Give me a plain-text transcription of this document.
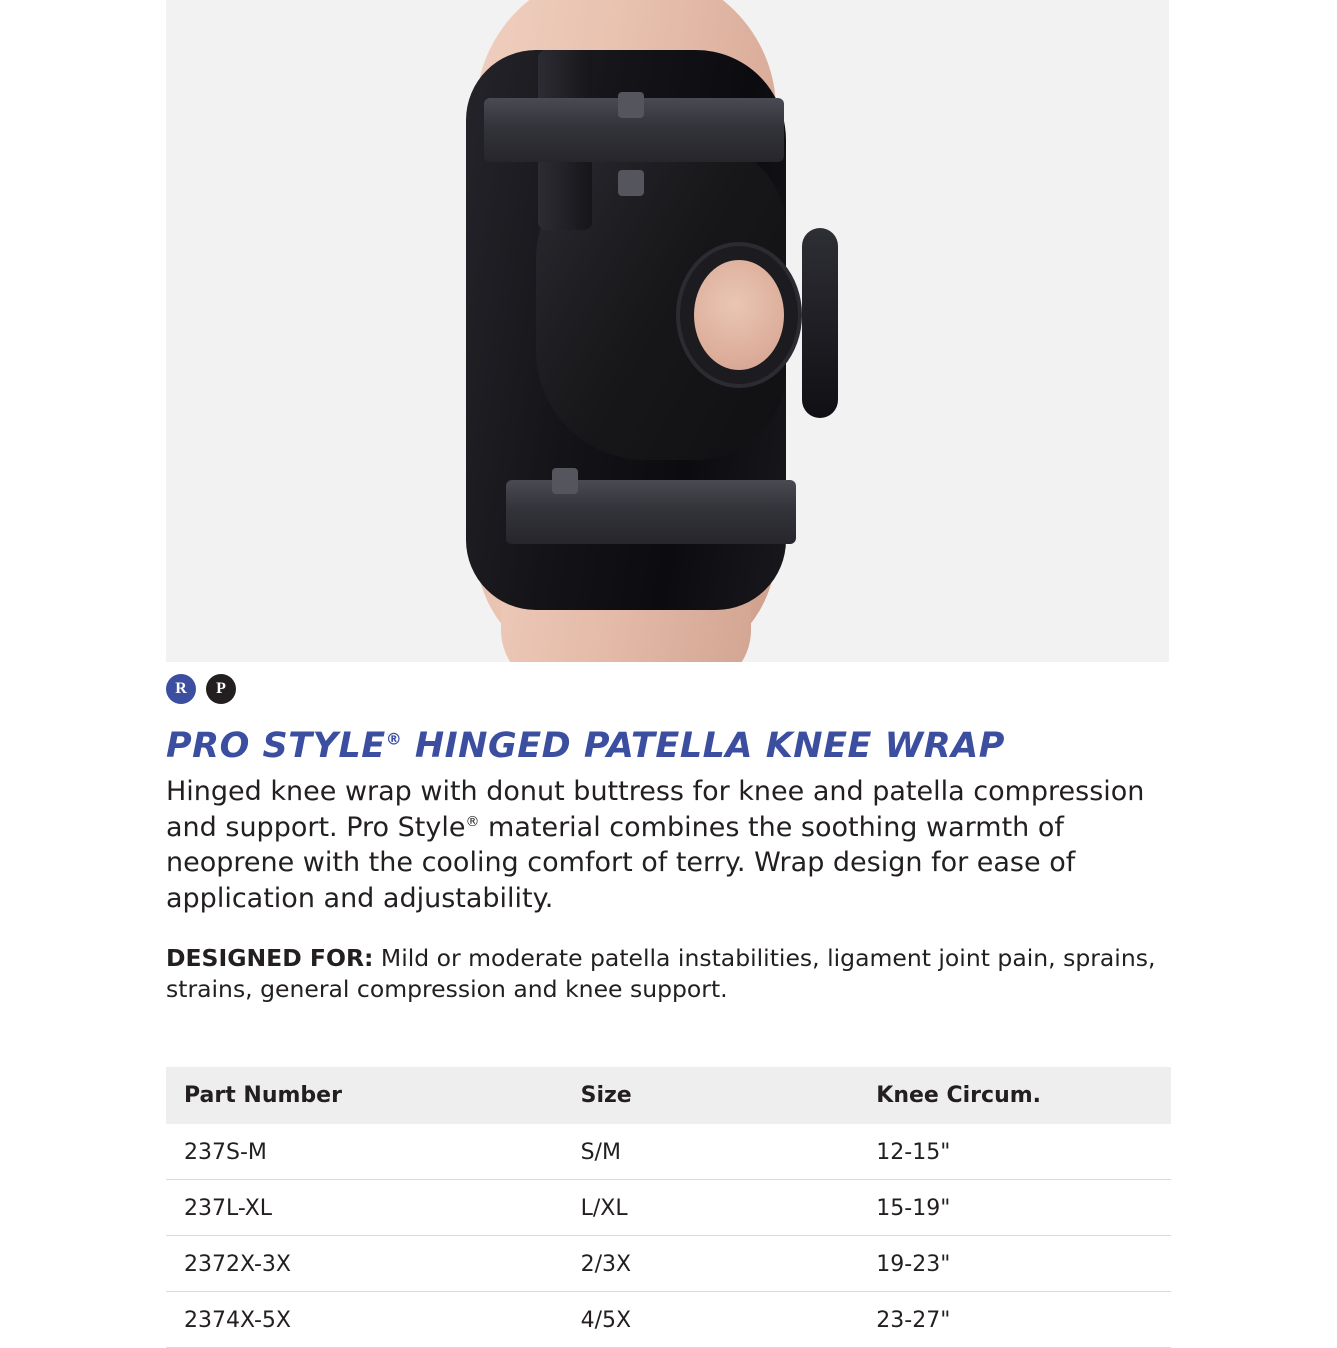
R	P
PRO STYLE® HINGED PATELLA KNEE WRAP

Hinged knee wrap with donut buttress for knee and patella compression and support. Pro Style® material combines the soothing warmth of neoprene with the cooling comfort of terry. Wrap design for ease of application and adjustability.

DESIGNED FOR: Mild or moderate patella instabilities, ligament joint pain, sprains, strains, general compression and knee support.

Part Number	Size	Knee Circum.
237S-M	S/M	12-15"
237L-XL	L/XL	15-19"
2372X-3X	2/3X	19-23"
2374X-5X	4/5X	23-27"
